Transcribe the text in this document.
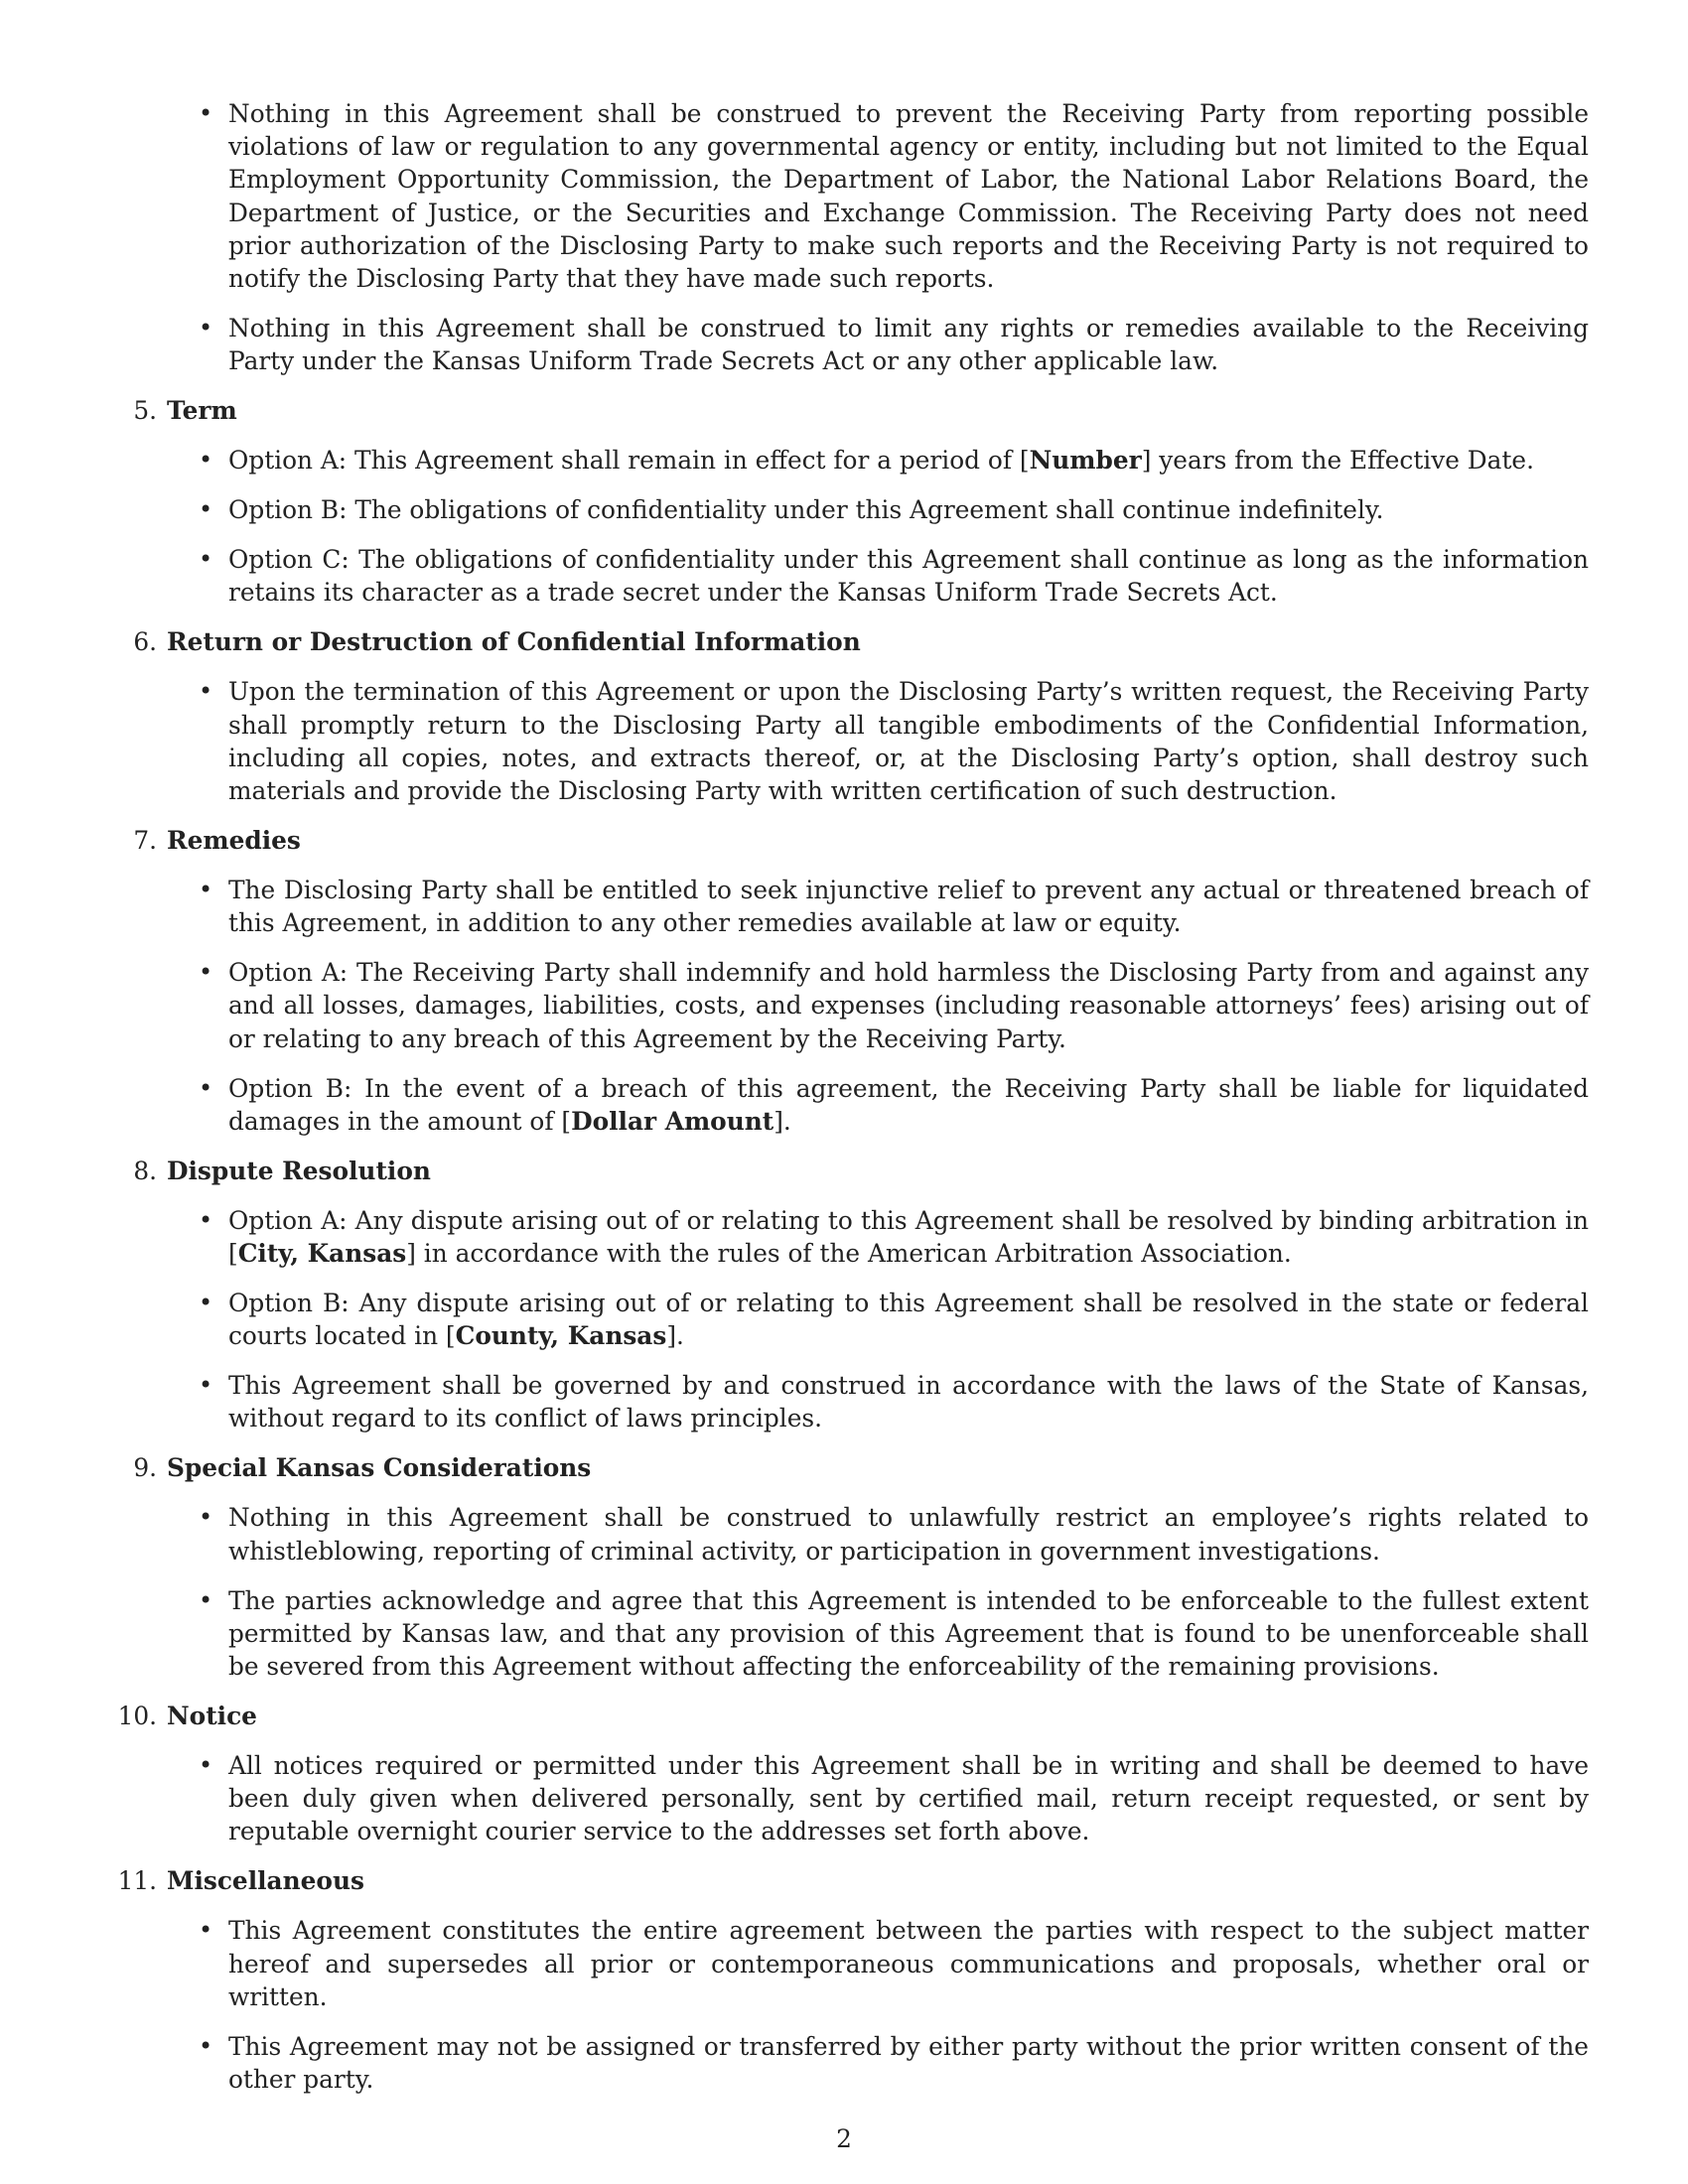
• Nothing in this Agreement shall be construed to prevent the Receiving Party from reporting possible violations of law or regulation to any governmental agency or entity, including but not limited to the Equal Employment Opportunity Commission, the Department of Labor, the National Labor Relations Board, the Department of Justice, or the Securities and Exchange Commission. The Receiving Party does not need prior authorization of the Disclosing Party to make such reports and the Receiving Party is not required to notify the Disclosing Party that they have made such reports.
• Nothing in this Agreement shall be construed to limit any rights or remedies available to the Receiving Party under the Kansas Uniform Trade Secrets Act or any other applicable law.
5. Term
• Option A: This Agreement shall remain in effect for a period of [Number] years from the Effective Date.
• Option B: The obligations of confidentiality under this Agreement shall continue indefinitely.
• Option C: The obligations of confidentiality under this Agreement shall continue as long as the information retains its character as a trade secret under the Kansas Uniform Trade Secrets Act.
6. Return or Destruction of Confidential Information
• Upon the termination of this Agreement or upon the Disclosing Party’s written request, the Receiving Party shall promptly return to the Disclosing Party all tangible embodiments of the Confidential Information, including all copies, notes, and extracts thereof, or, at the Disclosing Party’s option, shall destroy such materials and provide the Disclosing Party with written certification of such destruction.
7. Remedies
• The Disclosing Party shall be entitled to seek injunctive relief to prevent any actual or threatened breach of this Agreement, in addition to any other remedies available at law or equity.
• Option A: The Receiving Party shall indemnify and hold harmless the Disclosing Party from and against any and all losses, damages, liabilities, costs, and expenses (including reasonable attorneys’ fees) arising out of or relating to any breach of this Agreement by the Receiving Party.
• Option B: In the event of a breach of this agreement, the Receiving Party shall be liable for liquidated damages in the amount of [Dollar Amount].
8. Dispute Resolution
• Option A: Any dispute arising out of or relating to this Agreement shall be resolved by binding arbitration in [City, Kansas] in accordance with the rules of the American Arbitration Association.
• Option B: Any dispute arising out of or relating to this Agreement shall be resolved in the state or federal courts located in [County, Kansas].
• This Agreement shall be governed by and construed in accordance with the laws of the State of Kansas, without regard to its conflict of laws principles.
9. Special Kansas Considerations
• Nothing in this Agreement shall be construed to unlawfully restrict an employee’s rights related to whistleblowing, reporting of criminal activity, or participation in government investigations.
• The parties acknowledge and agree that this Agreement is intended to be enforceable to the fullest extent permitted by Kansas law, and that any provision of this Agreement that is found to be unenforceable shall be severed from this Agreement without affecting the enforceability of the remaining provisions.
10. Notice
• All notices required or permitted under this Agreement shall be in writing and shall be deemed to have been duly given when delivered personally, sent by certified mail, return receipt requested, or sent by reputable overnight courier service to the addresses set forth above.
11. Miscellaneous
• This Agreement constitutes the entire agreement between the parties with respect to the subject matter hereof and supersedes all prior or contemporaneous communications and proposals, whether oral or written.
• This Agreement may not be assigned or transferred by either party without the prior written consent of the other party.
2
